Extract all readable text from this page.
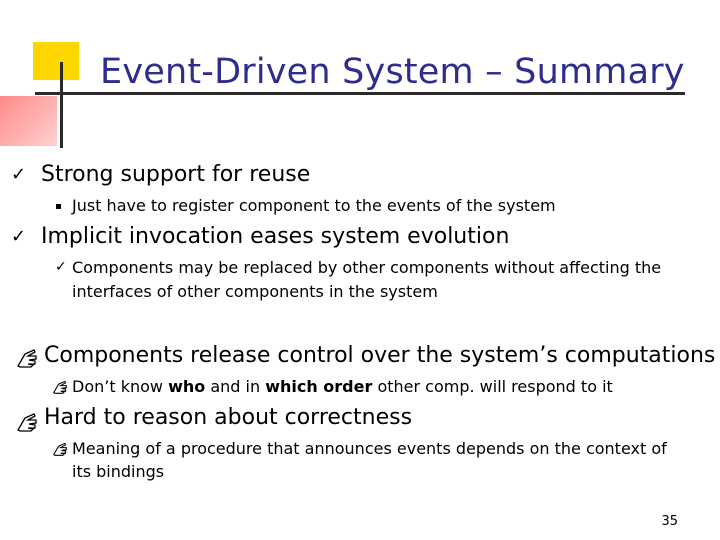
Event-Driven System – Summary
✓ Strong support for reuse
Just have to register component to the events of the system
✓ Implicit invocation eases system evolution
✓ Components may be replaced by other components without affecting the
interfaces of other components in the system
Components release control over the system’s computations
Don’t know who and in which order other comp. will respond to it
Hard to reason about correctness
Meaning of a procedure that announces events depends on the context of
its bindings
35
